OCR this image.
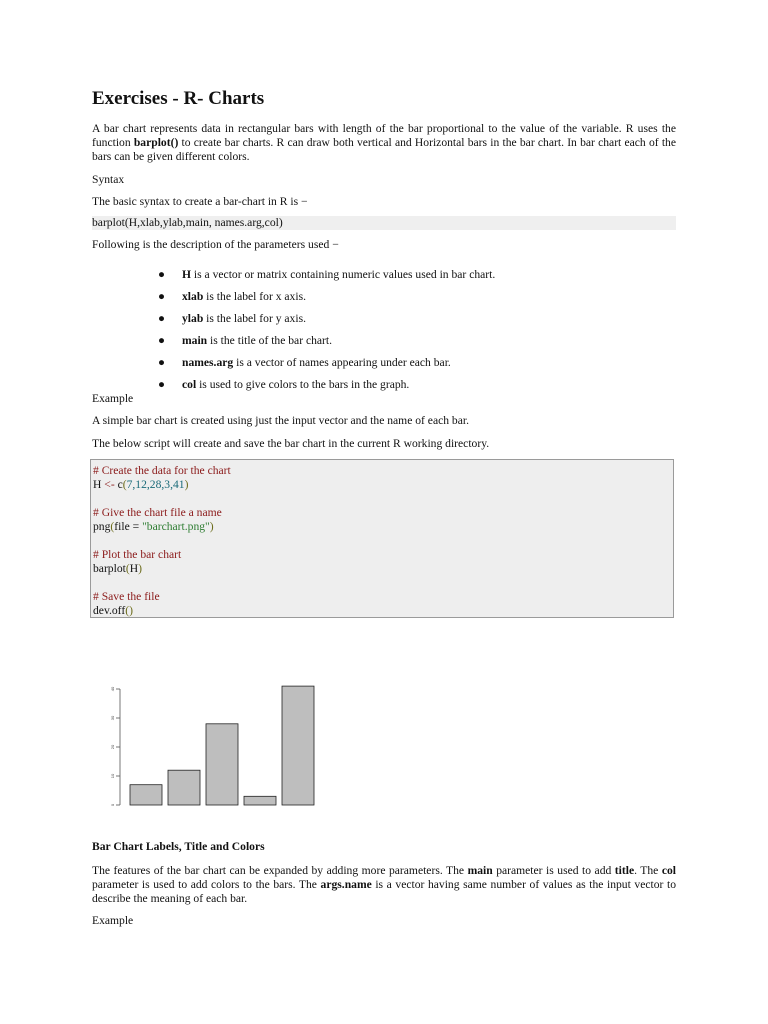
Exercises - R- Charts

A bar chart represents data in rectangular bars with length of the bar proportional to the value of the variable. R uses the function barplot() to create bar charts. R can draw both vertical and Horizontal bars in the bar chart. In bar chart each of the bars can be given different colors.

Syntax

The basic syntax to create a bar-chart in R is −

barplot(H,xlab,ylab,main, names.arg,col)

Following is the description of the parameters used −

● H is a vector or matrix containing numeric values used in bar chart.
● xlab is the label for x axis.
● ylab is the label for y axis.
● main is the title of the bar chart.
● names.arg is a vector of names appearing under each bar.
● col is used to give colors to the bars in the graph.

Example

A simple bar chart is created using just the input vector and the name of each bar.

The below script will create and save the bar chart in the current R working directory.

# Create the data for the chart
H <- c(7,12,28,3,41)
# Give the chart file a name
png(file = "barchart.png")
# Plot the bar chart
barplot(H)
# Save the file
dev.off()
0
10
20
30
40

Bar Chart Labels, Title and Colors

The features of the bar chart can be expanded by adding more parameters. The main parameter is used to add title. The col parameter is used to add colors to the bars. The args.name is a vector having same number of values as the input vector to describe the meaning of each bar.

Example
